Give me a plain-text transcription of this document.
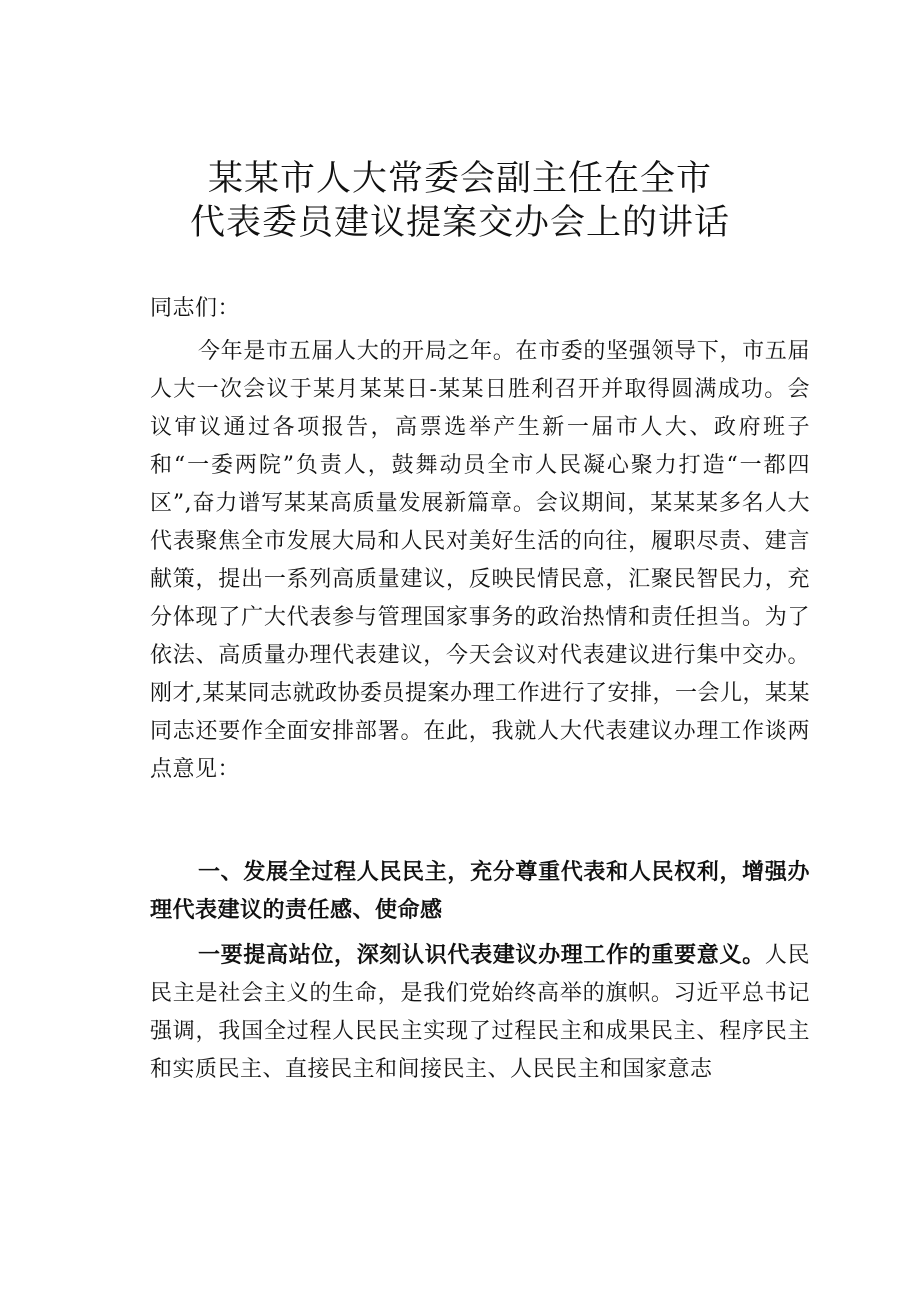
某某市人大常委会副主任在全市
代表委员建议提案交办会上的讲话

同志们：

今年是市五届人大的开局之年。在市委的坚强领导下，市五届人大一次会议于某月某某日-某某日胜利召开并取得圆满成功。会议审议通过各项报告，高票选举产生新一届市人大、政府班子和“一委两院”负责人，鼓舞动员全市人民凝心聚力打造“一都四区”,奋力谱写某某高质量发展新篇章。会议期间，某某某多名人大代表聚焦全市发展大局和人民对美好生活的向往，履职尽责、建言献策，提出一系列高质量建议，反映民情民意，汇聚民智民力，充分体现了广大代表参与管理国家事务的政治热情和责任担当。为了依法、高质量办理代表建议，今天会议对代表建议进行集中交办。刚才,某某同志就政协委员提案办理工作进行了安排，一会儿，某某同志还要作全面安排部署。在此，我就人大代表建议办理工作谈两点意见：

一、发展全过程人民民主，充分尊重代表和人民权利，增强办理代表建议的责任感、使命感

一要提高站位，深刻认识代表建议办理工作的重要意义。人民民主是社会主义的生命，是我们党始终高举的旗帜。习近平总书记强调，我国全过程人民民主实现了过程民主和成果民主、程序民主和实质民主、直接民主和间接民主、人民民主和国家意志
